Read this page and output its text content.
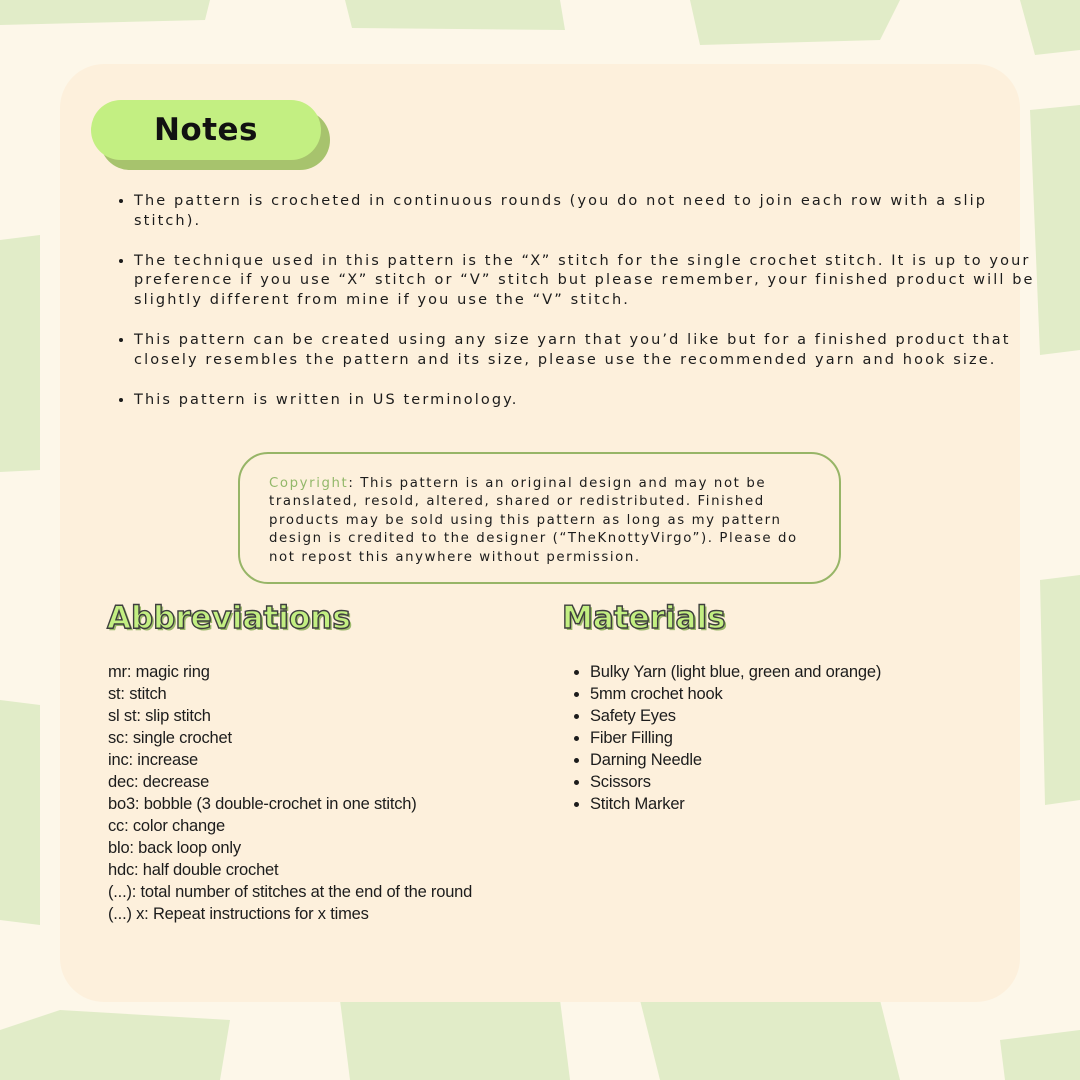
Notes
• The pattern is crocheted in continuous rounds (you do not need to join each row with a slip stitch).
• The technique used in this pattern is the “X” stitch for the single crochet stitch. It is up to your preference if you use “X” stitch or “V” stitch but please remember, your finished product will be slightly different from mine if you use the “V” stitch.
• This pattern can be created using any size yarn that you’d like but for a finished product that closely resembles the pattern and its size, please use the recommended yarn and hook size.
• This pattern is written in US terminology.
Copyright: This pattern is an original design and may not be translated, resold, altered, shared or redistributed. Finished products may be sold using this pattern as long as my pattern design is credited to the designer (“TheKnottyVirgo”). Please do not repost this anywhere without permission.
Abbreviations	Materials
mr: magic ring
st: stitch
sl st: slip stitch
sc: single crochet
inc: increase
dec: decrease
bo3: bobble (3 double-crochet in one stitch)
cc: color change
blo: back loop only
hdc: half double crochet
(...): total number of stitches at the end of the round
(...) x: Repeat instructions for x times
• Bulky Yarn (light blue, green and orange)
• 5mm crochet hook
• Safety Eyes
• Fiber Filling
• Darning Needle
• Scissors
• Stitch Marker
